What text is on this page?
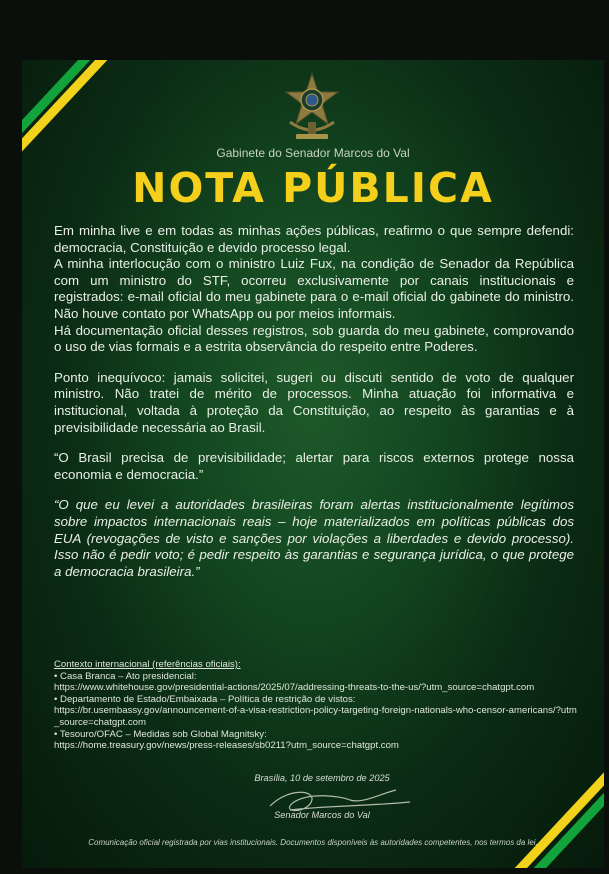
Gabinete do Senador Marcos do Val
NOTA PÚBLICA

Em minha live e em todas as minhas ações públicas, reafirmo o que sempre defendi: democracia, Constituição e devido processo legal.

A minha interlocução com o ministro Luiz Fux, na condição de Senador da República com um ministro do STF, ocorreu exclusivamente por canais institucionais e registrados: e-mail oficial do meu gabinete para o e-mail oficial do gabinete do ministro. Não houve contato por WhatsApp ou por meios informais.

Há documentação oficial desses registros, sob guarda do meu gabinete, comprovando o uso de vias formais e a estrita observância do respeito entre Poderes.

Ponto inequívoco: jamais solicitei, sugeri ou discuti sentido de voto de qualquer ministro. Não tratei de mérito de processos. Minha atuação foi informativa e institucional, voltada à proteção da Constituição, ao respeito às garantias e à previsibilidade necessária ao Brasil.

“O Brasil precisa de previsibilidade; alertar para riscos externos protege nossa economia e democracia.”

“O que eu levei a autoridades brasileiras foram alertas institucionalmente legítimos sobre impactos internacionais reais – hoje materializados em políticas públicas dos EUA (revogações de visto e sanções por violações a liberdades e devido processo). Isso não é pedir voto; é pedir respeito às garantias e segurança jurídica, o que protege a democracia brasileira.”

Contexto internacional (referências oficiais):
• Casa Branca – Ato presidencial:
https://www.whitehouse.gov/presidential-actions/2025/07/addressing-threats-to-the-us/?utm_source=chatgpt.com
• Departamento de Estado/Embaixada – Política de restrição de vistos:
https://br.usembassy.gov/announcement-of-a-visa-restriction-policy-targeting-foreign-nationals-who-censor-americans/?utm_source=chatgpt.com
• Tesouro/OFAC – Medidas sob Global Magnitsky:
https://home.treasury.gov/news/press-releases/sb0211?utm_source=chatgpt.com
Brasília, 10 de setembro de 2025
Senador Marcos do Val
Comunicação oficial registrada por vias institucionais. Documentos disponíveis às autoridades competentes, nos termos da lei.
